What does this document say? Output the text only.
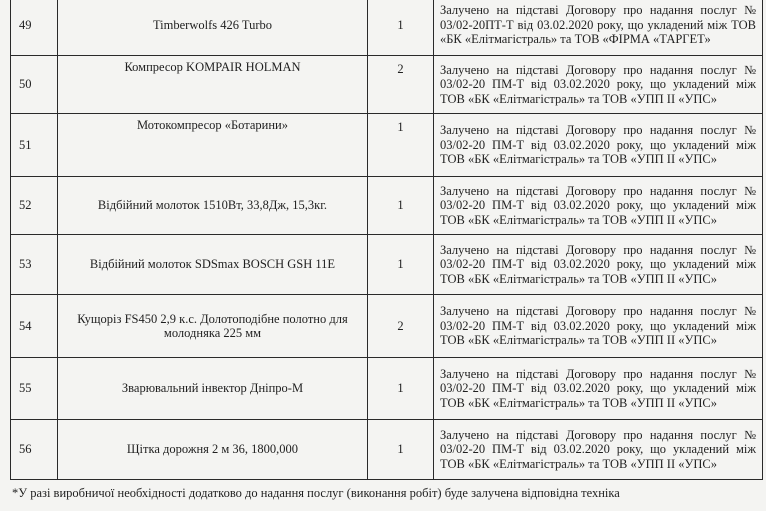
49	Timberwolfs 426 Turbo	1	Залучено на підставі Договору про надання послуг № 03/02-20ПТ-Т від 03.02.2020 року, що укладений між ТОВ «БК «Елітмагістраль» та ТОВ «ФІРМА «ТАРГЕТ»
50	Компресор KOMPAIR HOLMAN	2	Залучено на підставі Договору про надання послуг № 03/02-20 ПМ-Т від 03.02.2020 року, що укладений між ТОВ «БК «Елітмагістраль» та ТОВ «УПП II «УПС»
51	Мотокомпресор «Ботарини»	1	Залучено на підставі Договору про надання послуг № 03/02-20 ПМ-Т від 03.02.2020 року, що укладений між ТОВ «БК «Елітмагістраль» та ТОВ «УПП II «УПС»
52	Відбійний молоток 1510Вт, 33,8Дж, 15,3кг.	1	Залучено на підставі Договору про надання послуг № 03/02-20 ПМ-Т від 03.02.2020 року, що укладений між ТОВ «БК «Елітмагістраль» та ТОВ «УПП II «УПС»
53	Відбійний молоток SDSmax BOSCH GSH 11E	1	Залучено на підставі Договору про надання послуг № 03/02-20 ПМ-Т від 03.02.2020 року, що укладений між ТОВ «БК «Елітмагістраль» та ТОВ «УПП II «УПС»
54	Кущоріз FS450 2,9 к.с. Долотоподібне полотно для молодняка 225 мм	2	Залучено на підставі Договору про надання послуг № 03/02-20 ПМ-Т від 03.02.2020 року, що укладений між ТОВ «БК «Елітмагістраль» та ТОВ «УПП II «УПС»
55	Зварювальний інвектор Дніпро-М	1	Залучено на підставі Договору про надання послуг № 03/02-20 ПМ-Т від 03.02.2020 року, що укладений між ТОВ «БК «Елітмагістраль» та ТОВ «УПП II «УПС»
56	Щітка дорожня 2 м 36, 1800,000	1	Залучено на підставі Договору про надання послуг № 03/02-20 ПМ-Т від 03.02.2020 року, що укладений між ТОВ «БК «Елітмагістраль» та ТОВ «УПП II «УПС»
*У разі виробничої необхідності додатково до надання послуг (виконання робіт) буде залучена відповідна техніка
